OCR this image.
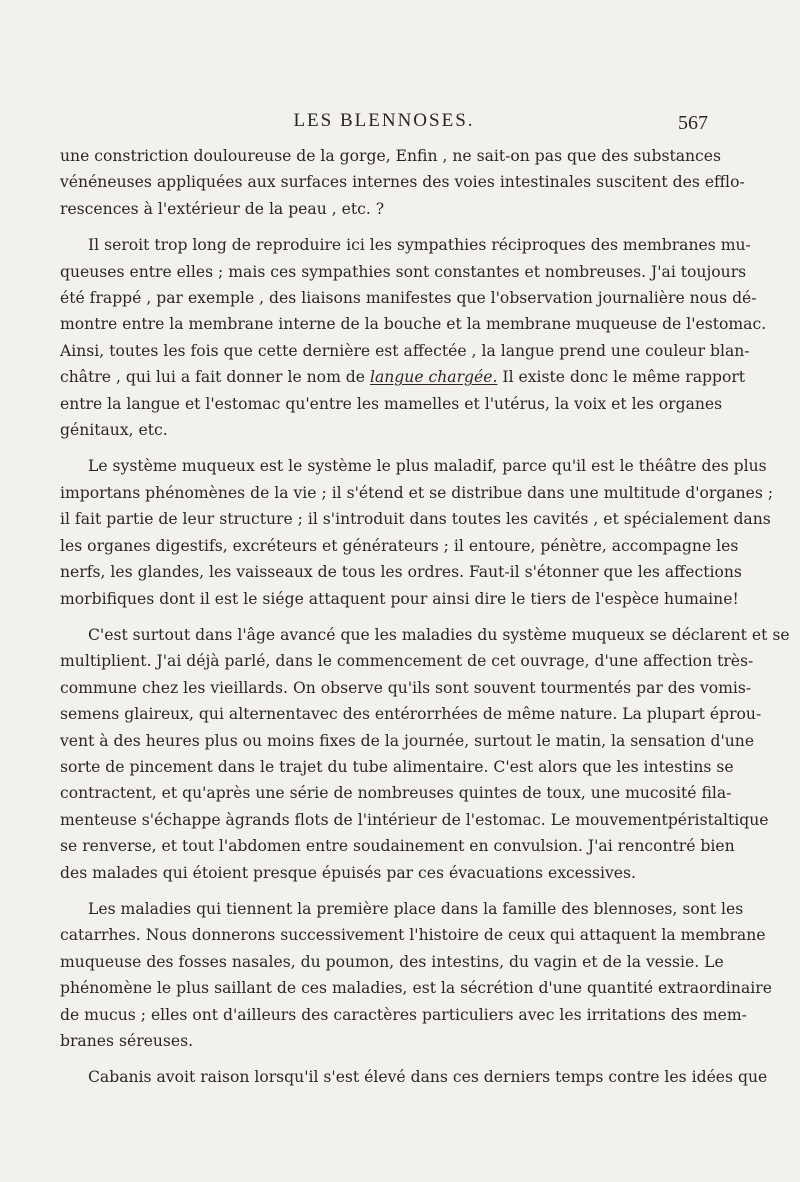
LES BLENNOSES.	567

une constriction douloureuse de la gorge, Enfin , ne sait-on pas que des substances
vénéneuses appliquées aux surfaces internes des voies intestinales suscitent des efflo-
rescences à l'extérieur de la peau , etc. ?

Il seroit trop long de reproduire ici les sympathies réciproques des membranes mu-
queuses entre elles ; mais ces sympathies sont constantes et nombreuses. J'ai toujours
été frappé , par exemple , des liaisons manifestes que l'observation journalière nous dé-
montre entre la membrane interne de la bouche et la membrane muqueuse de l'estomac.
Ainsi, toutes les fois que cette dernière est affectée , la langue prend une couleur blan-
châtre , qui lui a fait donner le nom de langue chargée. Il existe donc le même rapport
entre la langue et l'estomac qu'entre les mamelles et l'utérus, la voix et les organes
génitaux, etc.

Le système muqueux est le système le plus maladif, parce qu'il est le théâtre des plus
importans phénomènes de la vie ; il s'étend et se distribue dans une multitude d'organes ;
il fait partie de leur structure ; il s'introduit dans toutes les cavités , et spécialement dans
les organes digestifs, excréteurs et générateurs ; il entoure, pénètre, accompagne les
nerfs, les glandes, les vaisseaux de tous les ordres. Faut-il s'étonner que les affections
morbifiques dont il est le siége attaquent pour ainsi dire le tiers de l'espèce humaine!

C'est surtout dans l'âge avancé que les maladies du système muqueux se déclarent et se
multiplient. J'ai déjà parlé, dans le commencement de cet ouvrage, d'une affection très-
commune chez les vieillards. On observe qu'ils sont souvent tourmentés par des vomis-
semens glaireux, qui alternentavec des entérorrhées de même nature. La plupart éprou-
vent à des heures plus ou moins fixes de la journée, surtout le matin, la sensation d'une
sorte de pincement dans le trajet du tube alimentaire. C'est alors que les intestins se
contractent, et qu'après une série de nombreuses quintes de toux, une mucosité fila-
menteuse s'échappe àgrands flots de l'intérieur de l'estomac. Le mouvementpéristaltique
se renverse, et tout l'abdomen entre soudainement en convulsion. J'ai rencontré bien
des malades qui étoient presque épuisés par ces évacuations excessives.

Les maladies qui tiennent la première place dans la famille des blennoses, sont les
catarrhes. Nous donnerons successivement l'histoire de ceux qui attaquent la membrane
muqueuse des fosses nasales, du poumon, des intestins, du vagin et de la vessie. Le
phénomène le plus saillant de ces maladies, est la sécrétion d'une quantité extraordinaire
de mucus ; elles ont d'ailleurs des caractères particuliers avec les irritations des mem-
branes séreuses.

Cabanis avoit raison lorsqu'il s'est élevé dans ces derniers temps contre les idées que
